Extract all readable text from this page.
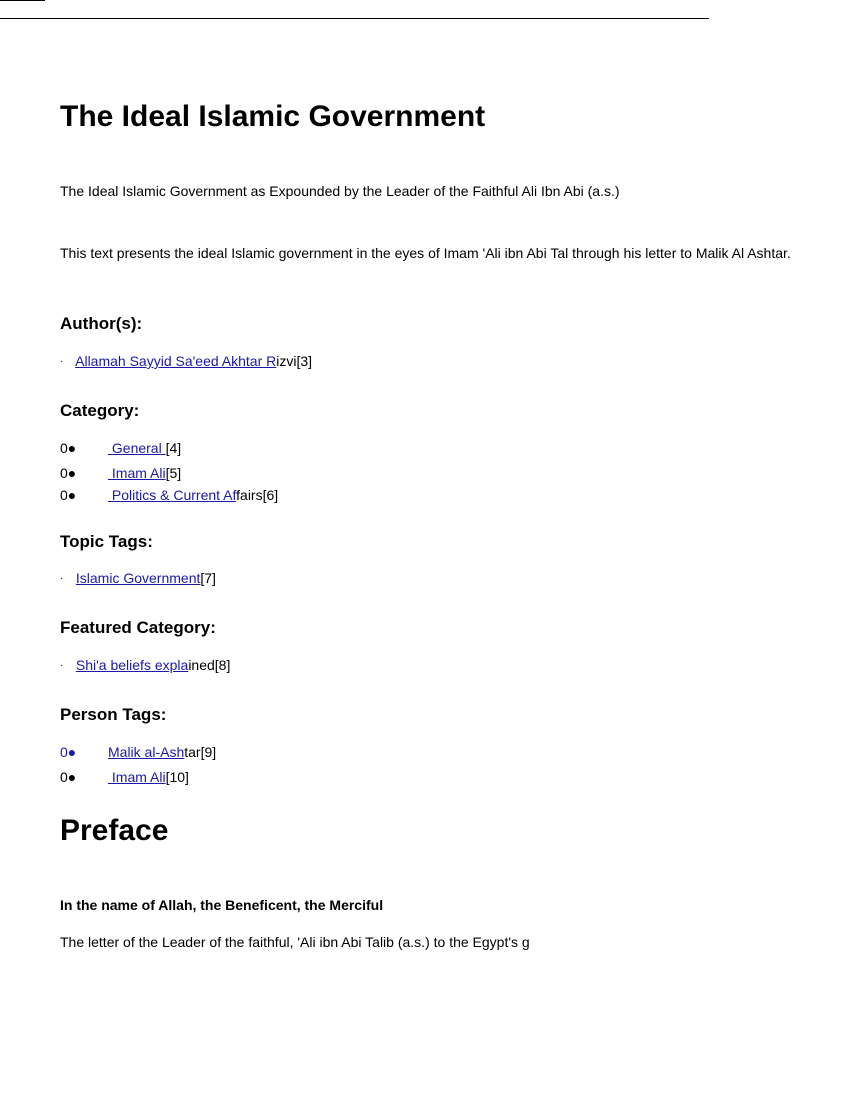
The Ideal Islamic Government

The Ideal Islamic Government as Expounded by the Leader of the Faithful Ali Ibn Abi (a.s.)

This text presents the ideal Islamic government in the eyes of Imam 'Ali ibn Abi Tal through his letter to Malik Al Ashtar.

Author(s):
· Allamah Sayyid Sa'eed Akhtar Rizvi[3]
Category:
0● General [4]
0● Imam Ali[5]
0● Politics & Current Affairs[6]
Topic Tags:
· Islamic Government[7]
Featured Category:
· Shi'a beliefs explained[8]
Person Tags:
0● Malik al-Ashtar[9]
0● Imam Ali[10]
Preface

In the name of Allah, the Beneficent, the Merciful

The letter of the Leader of the faithful, 'Ali ibn Abi Talib (a.s.) to the Egypt's g
